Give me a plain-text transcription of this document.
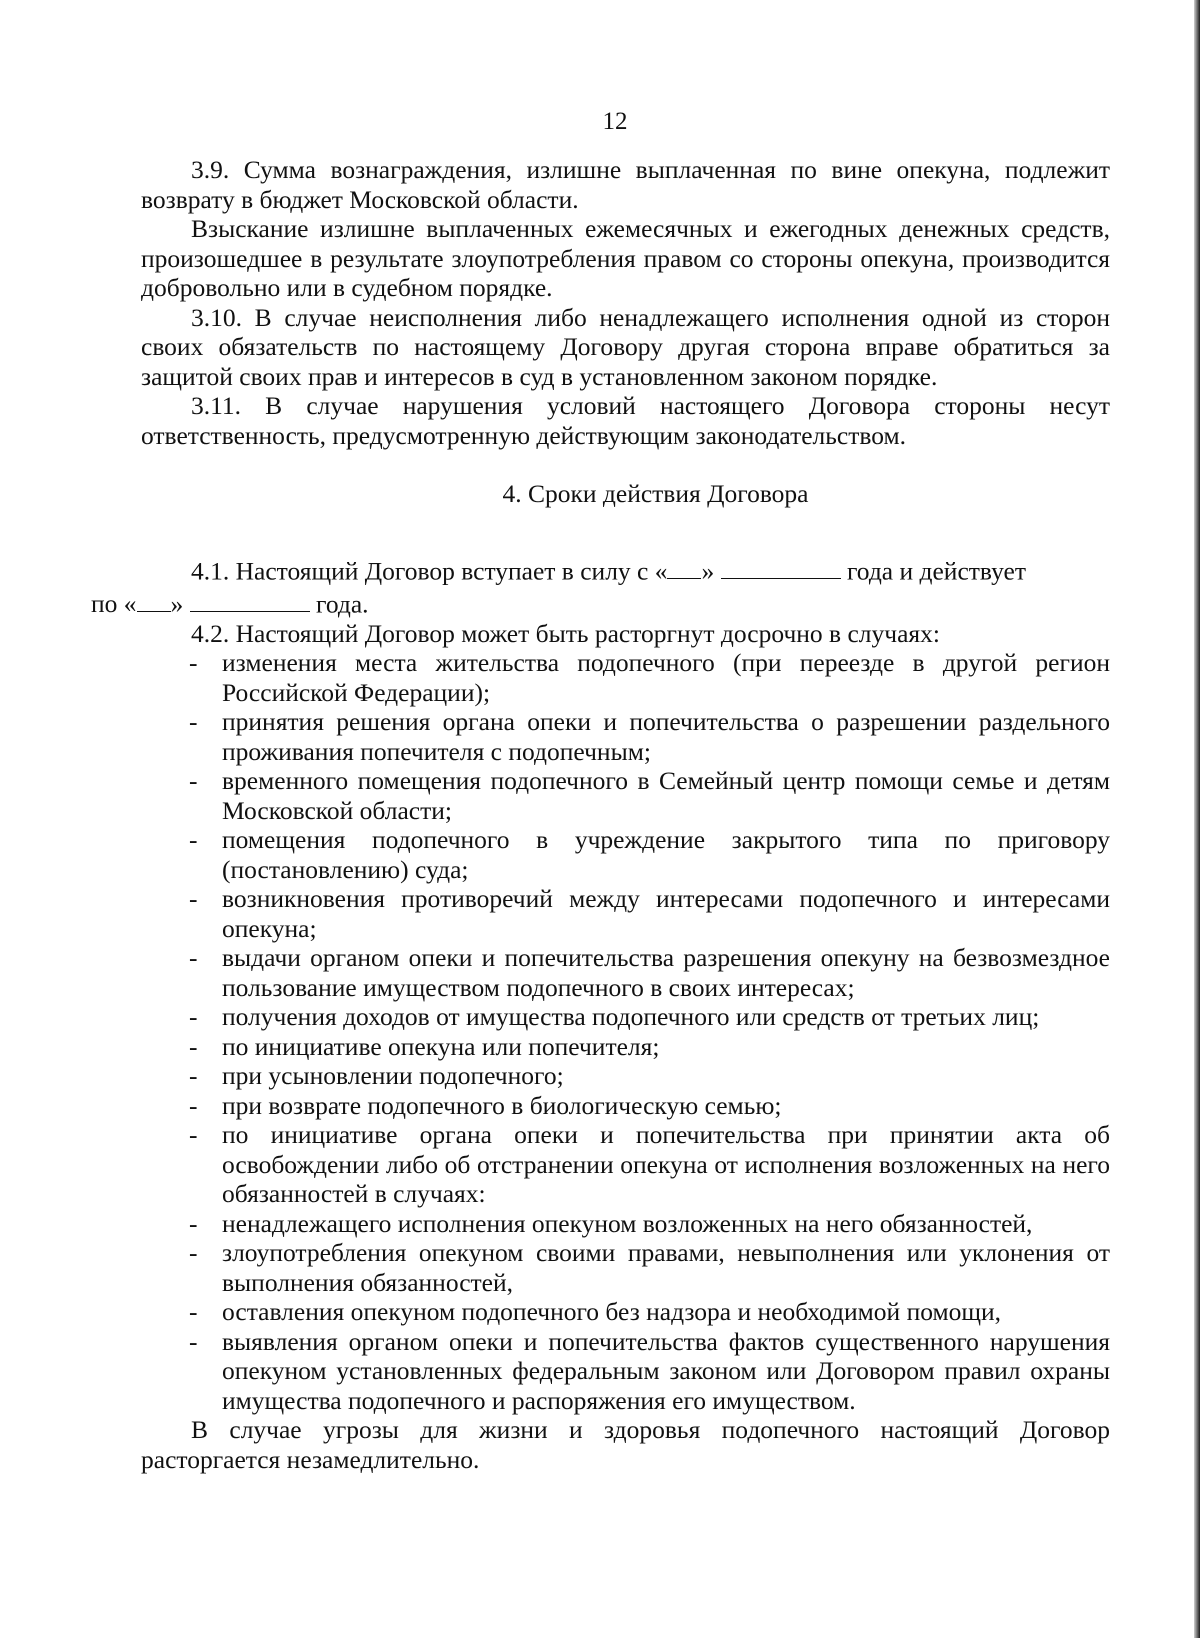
12

3.9. Сумма вознаграждения, излишне выплаченная по вине опекуна, подлежит возврату в бюджет Московской области.

Взыскание излишне выплаченных ежемесячных и ежегодных денежных средств, произошедшее в результате злоупотребления правом со стороны опекуна, производится добровольно или в судебном порядке.

3.10. В случае неисполнения либо ненадлежащего исполнения одной из сторон своих обязательств по настоящему Договору другая сторона вправе обратиться за защитой своих прав и интересов в суд в установленном законом порядке.

3.11. В случае нарушения условий настоящего Договора стороны несут ответственность, предусмотренную действующим законодательством.

4. Сроки действия Договора

4.1. Настоящий Договор вступает в силу с « »	года и действует
по « »	года.

4.2. Настоящий Договор может быть расторгнут досрочно в случаях:

- изменения места жительства подопечного (при переезде в другой регион Российской Федерации);
- принятия решения органа опеки и попечительства о разрешении раздельного проживания попечителя с подопечным;
- временного помещения подопечного в Семейный центр помощи семье и детям Московской области;
- помещения подопечного в учреждение закрытого типа по приговору (постановлению) суда;
- возникновения противоречий между интересами подопечного и интересами опекуна;
- выдачи органом опеки и попечительства разрешения опекуну на безвозмездное пользование имуществом подопечного в своих интересах;
- получения доходов от имущества подопечного или средств от третьих лиц;
- по инициативе опекуна или попечителя;
- при усыновлении подопечного;
- при возврате подопечного в биологическую семью;
- по инициативе органа опеки и попечительства при принятии акта об освобождении либо об отстранении опекуна от исполнения возложенных на него обязанностей в случаях:
- ненадлежащего исполнения опекуном возложенных на него обязанностей,
- злоупотребления опекуном своими правами, невыполнения или уклонения от выполнения обязанностей,
- оставления опекуном подопечного без надзора и необходимой помощи,
- выявления органом опеки и попечительства фактов существенного нарушения опекуном установленных федеральным законом или Договором правил охраны имущества подопечного и распоряжения его имуществом.

В случае угрозы для жизни и здоровья подопечного настоящий Договор расторгается незамедлительно.
